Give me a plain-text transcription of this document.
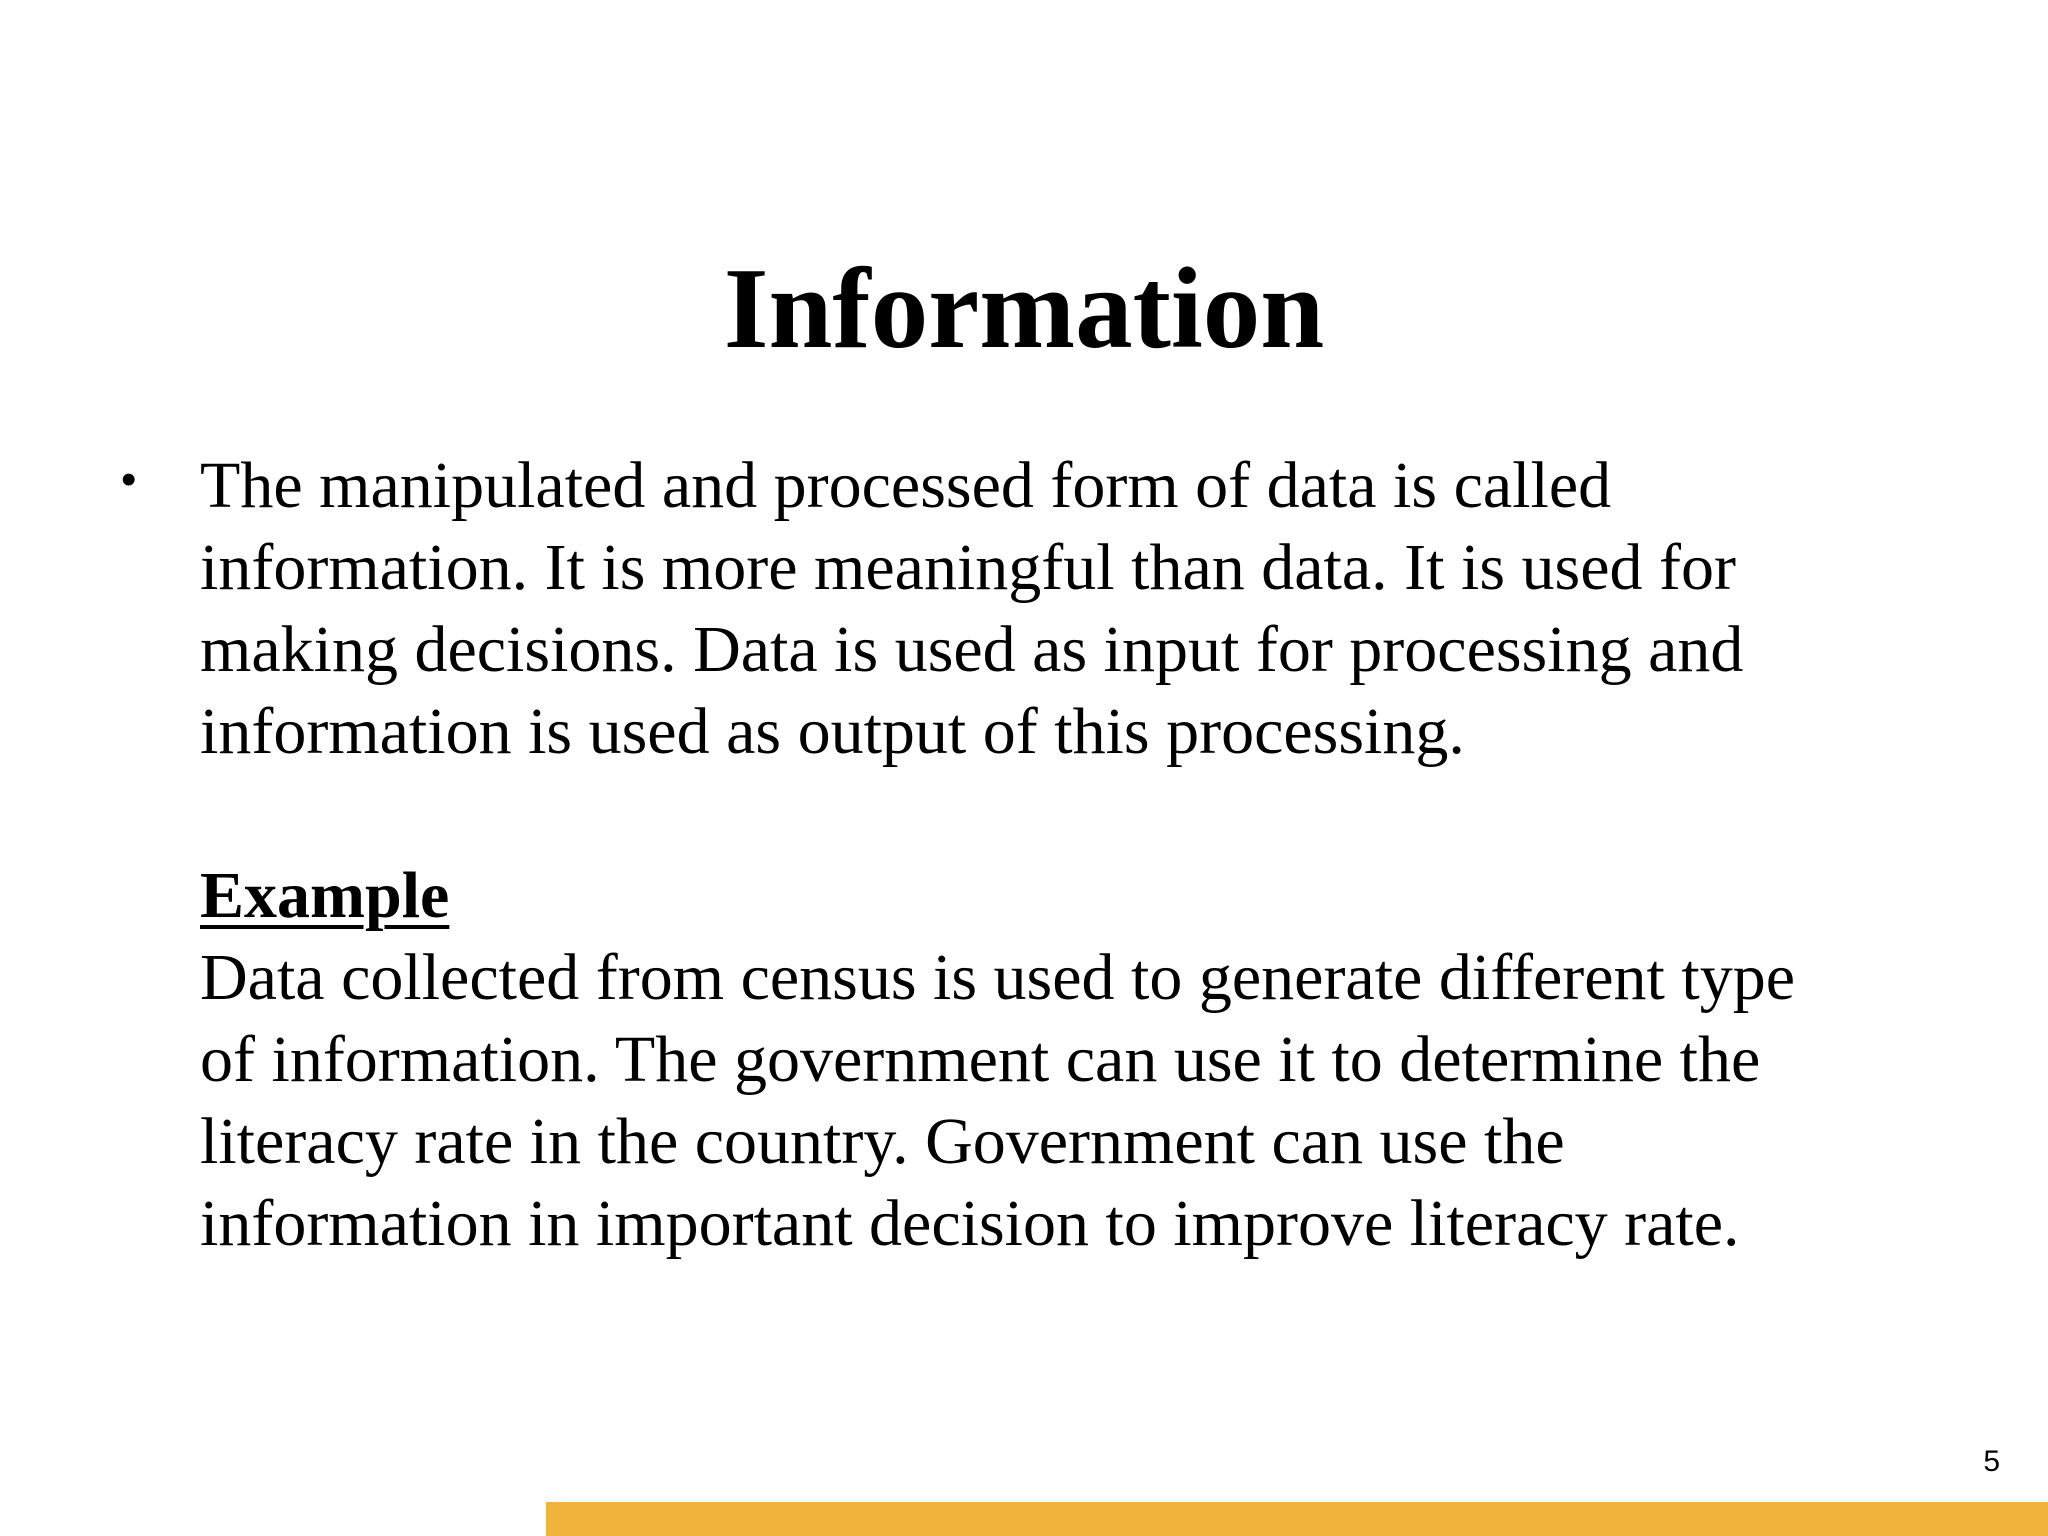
Information
• The manipulated and processed form of data is called
information. It is more meaningful than data. It is used for
making decisions. Data is used as input for processing and
information is used as output of this processing.

Example

Data collected from census is used to generate different type
of information. The government can use it to determine the
literacy rate in the country. Government can use the
information in important decision to improve literacy rate.

5
